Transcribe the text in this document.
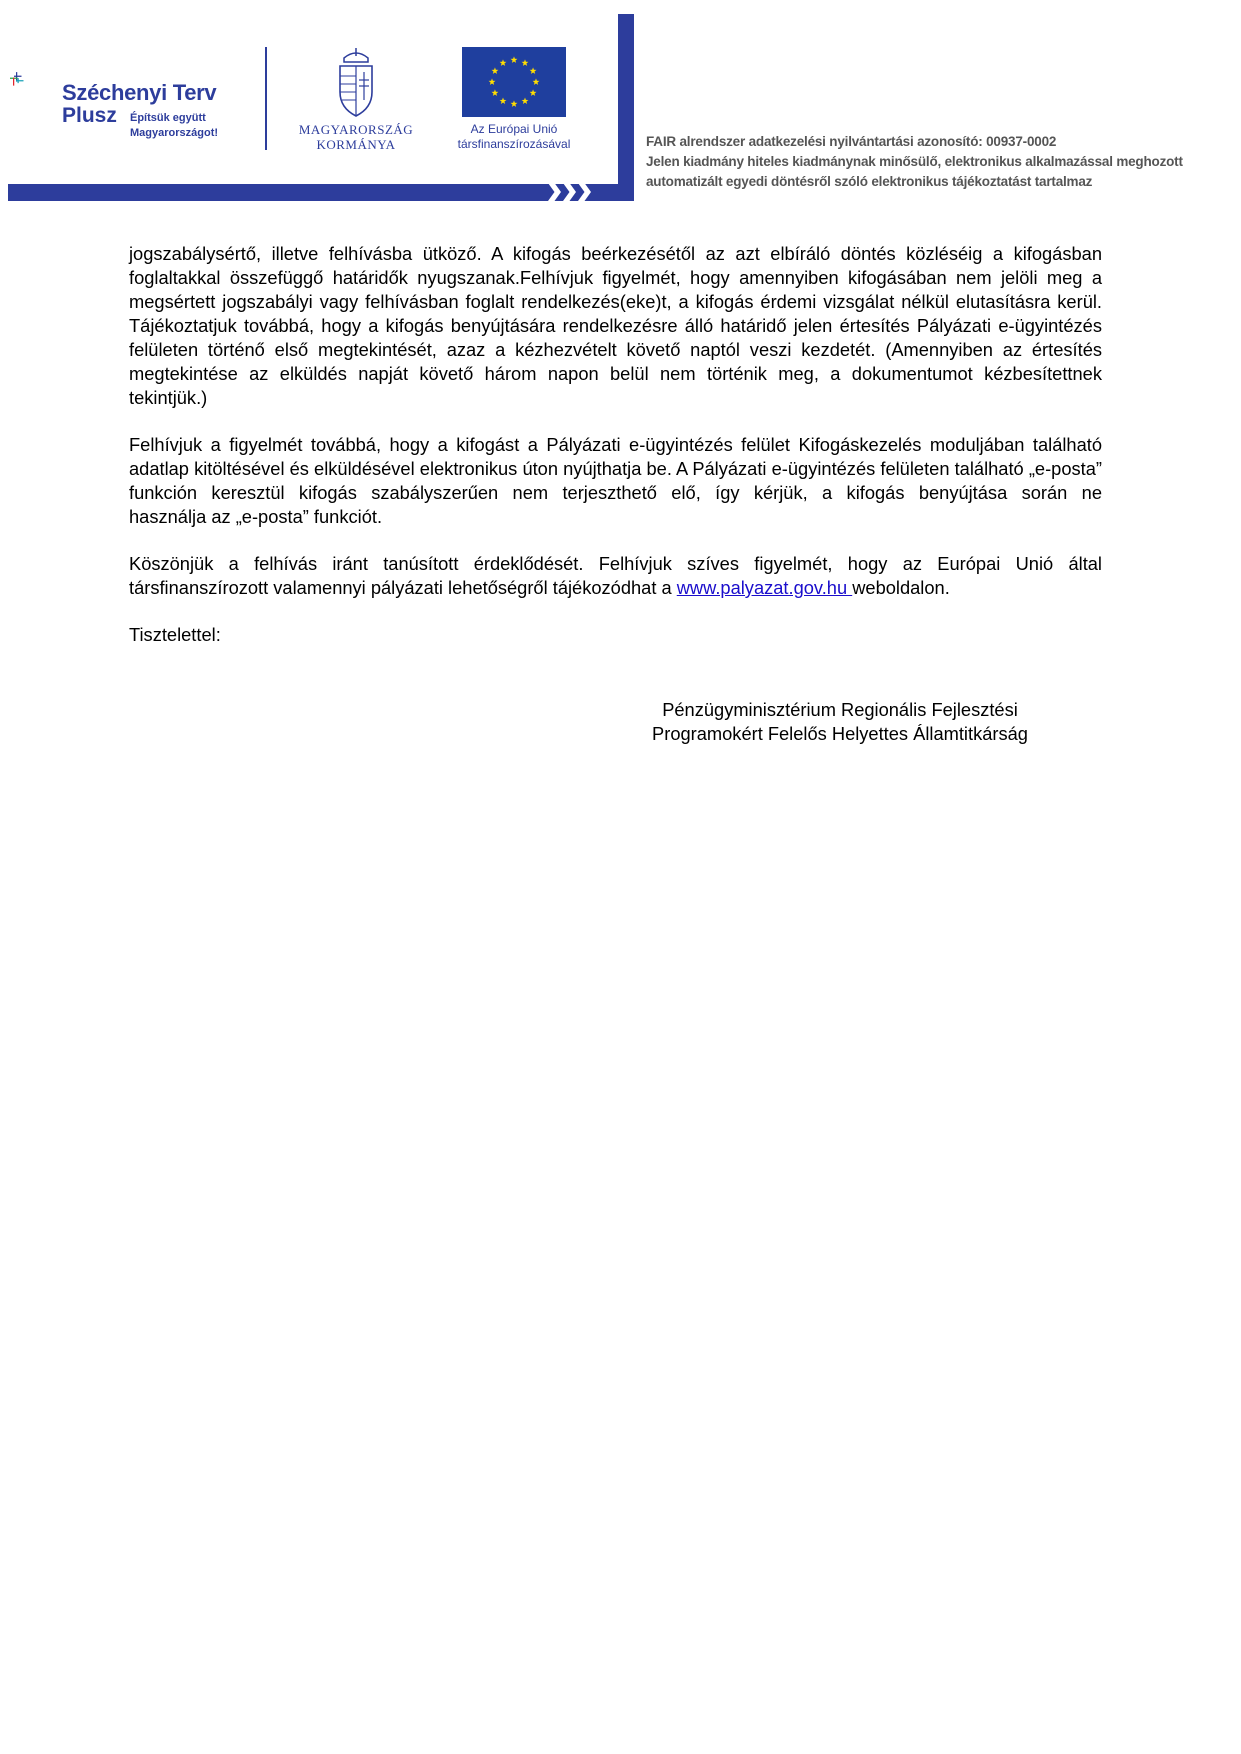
Széchenyi Terv
Plusz Építsük együtt
Magyarországot!	MAGYARORSZÁG
KORMÁNYA
Az Európai Unió
társfinanszírozásával	FAIR alrendszer adatkezelési nyilvántartási azonosító: 00937-0002
Jelen kiadmány hiteles kiadmánynak minősülő, elektronikus alkalmazással meghozott
automatizált egyedi döntésről szóló elektronikus tájékoztatást tartalmaz

jogszabálysértő, illetve felhívásba ütköző. A kifogás beérkezésétől az azt elbíráló döntés közléséig a kifogásban foglaltakkal összefüggő határidők nyugszanak.Felhívjuk figyelmét, hogy amennyiben kifogásában nem jelöli meg a megsértett jogszabályi vagy felhívásban foglalt rendelkezés(eke)t, a kifogás érdemi vizsgálat nélkül elutasításra kerül. Tájékoztatjuk továbbá, hogy a kifogás benyújtására rendelkezésre álló határidő jelen értesítés Pályázati e-ügyintézés felületen történő első megtekintését, azaz a kézhezvételt követő naptól veszi kezdetét. (Amennyiben az értesítés megtekintése az elküldés napját követő három napon belül nem történik meg, a dokumentumot kézbesítettnek tekintjük.)

Felhívjuk a figyelmét továbbá, hogy a kifogást a Pályázati e-ügyintézés felület Kifogáskezelés moduljában található adatlap kitöltésével és elküldésével elektronikus úton nyújthatja be. A Pályázati e-ügyintézés felületen található „e-posta” funkción keresztül kifogás szabályszerűen nem terjeszthető elő, így kérjük, a kifogás benyújtása során ne
használja az „e-posta” funkciót.

Köszönjük a felhívás iránt tanúsított érdeklődését. Felhívjuk szíves figyelmét, hogy az Európai Unió által társfinanszírozott valamennyi pályázati lehetőségről tájékozódhat a www.palyazat.gov.hu weboldalon.

Tisztelettel:

Pénzügyminisztérium Regionális Fejlesztési
Programokért Felelős Helyettes Államtitkárság
